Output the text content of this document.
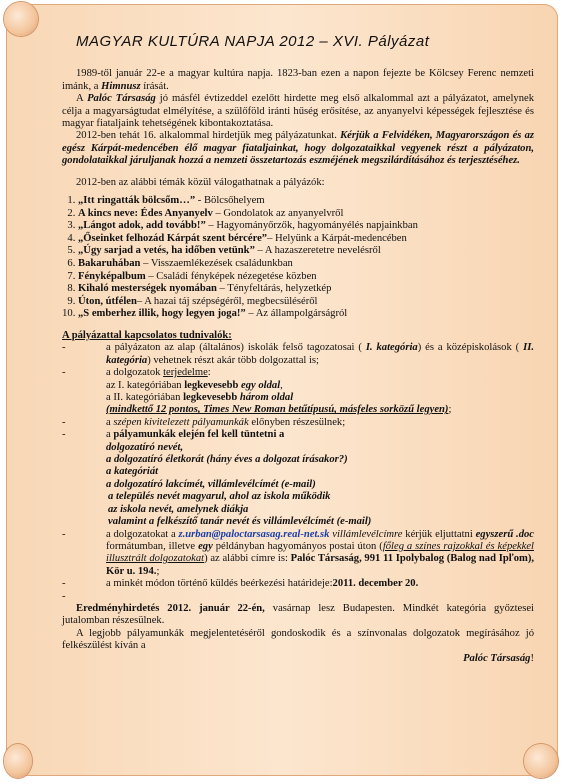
MAGYAR KULTÚRA NAPJA 2012 – XVI. Pályázat

1989-től január 22-e a magyar kultúra napja. 1823-ban ezen a napon fejezte be Kölcsey Ferenc nemzeti imánk, a Himnusz írását.

A Palóc Társaság jó másfél évtizeddel ezelőtt hirdette meg első alkalommal azt a pályázatot, amelynek célja a magyarságtudat elmélyítése, a szülőföld iránti hűség erősítése, az anyanyelvi képességek fejlesztése és magyar fiataljaink tehetségének kibontakoztatása.

2012-ben tehát 16. alkalommal hirdetjük meg pályázatunkat. Kérjük a Felvidéken, Magyarországon és az egész Kárpát-medencében élő magyar fiataljainkat, hogy dolgozataikkal vegyenek részt a pályázaton, gondolataikkal járuljanak hozzá a nemzeti összetartozás eszméjének megszilárdításához és terjesztéséhez.

2012-ben az alábbi témák közül válogathatnak a pályázók:

1. „Itt ringatták bölcsőm…” - Bölcsőhelyem
2. A kincs neve: Édes Anyanyelv – Gondolatok az anyanyelvről
3. „Lángot adok, add tovább!” – Hagyományőrzők, hagyományélés napjainkban
4. „Őseinket felhozád Kárpát szent bércére”– Helyünk a Kárpát-medencében
5. „Úgy sarjad a vetés, ha időben vetünk” – A hazaszeretetre nevelésről
6. Bakaruhában – Visszaemlékezések családunkban
7. Fényképalbum – Családi fényképek nézegetése közben
8. Kihaló mesterségek nyomában – Tényfeltárás, helyzetkép
9. Úton, útfélen– A hazai táj szépségéről, megbecsüléséről
10. „S emberhez illik, hogy legyen joga!” – Az állampolgárságról

A pályázattal kapcsolatos tudnivalók:

-	a pályázaton az alap (általános) iskolák felső tagozatosai ( I. kategória) és a középiskolások ( II. kategória) vehetnek részt akár több dolgozattal is;
-	a dolgozatok terjedelme:
az I. kategóriában legkevesebb egy oldal,
a II. kategóriában legkevesebb három oldal
(mindkettő 12 pontos, Times New Roman betűtípusú, másfeles sorközű legyen);
-	a szépen kivitelezett pályamunkák előnyben részesülnek;
-	a pályamunkák elején fel kell tüntetni a
dolgozatíró nevét,
a dolgozatíró életkorát (hány éves a dolgozat írásakor?)
a kategóriát
a dolgozatíró lakcímét, villámlevélcímét (e-mail)
a település nevét magyarul, ahol az iskola működik
az iskola nevét, amelynek diákja
valamint a felkészítő tanár nevét és villámlevélcímét (e-mail)
-	a dolgozatokat a z.urban@paloctarsasag.real-net.sk villámlevélcímre kérjük eljuttatni egyszerű .doc formátumban, illetve egy példányban hagyományos postai úton (főleg a színes rajzokkal és képekkel illusztrált dolgozatokat) az alábbi címre is: Palóc Társaság, 991 11 Ipolybalog (Balog nad Ipľom), Kör u. 194.;
-	a minkét módon történő küldés beérkezési határideje:2011. december 20.
-

Eredményhirdetés 2012. január 22-én, vasárnap lesz Budapesten. Mindkét kategória győztesei jutalomban részesülnek.

A legjobb pályamunkák megjelentetéséről gondoskodik és a színvonalas dolgozatok megírásához jó felkészülést kíván a

Palóc Társaság!
